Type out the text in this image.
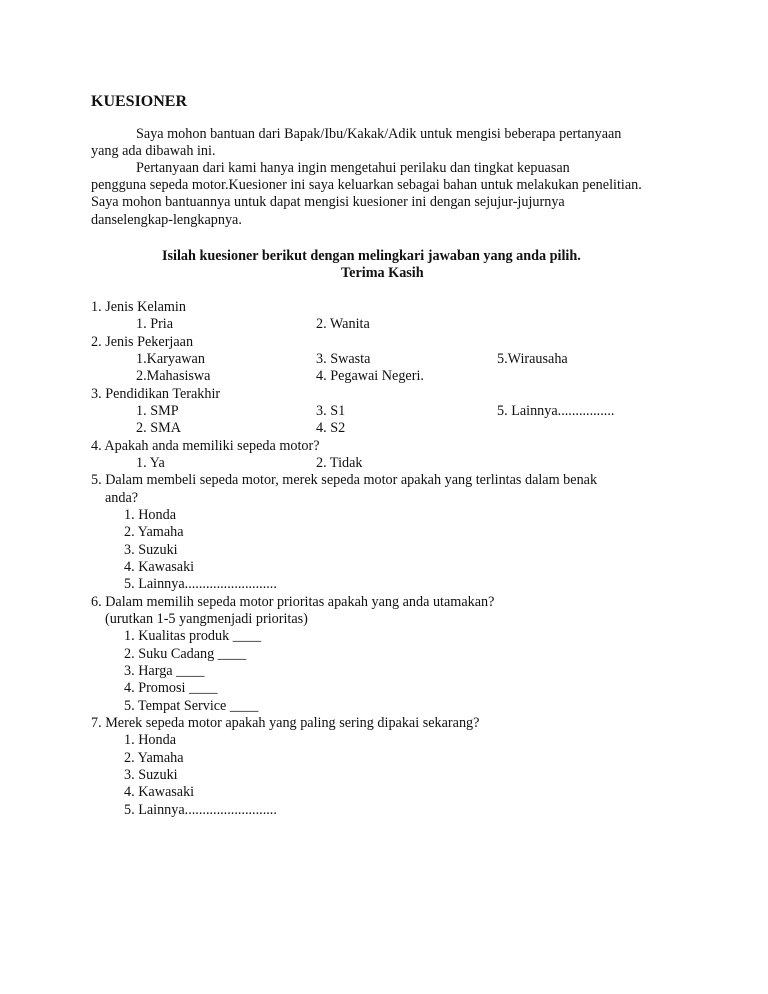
KUESIONER
Saya mohon bantuan dari Bapak/Ibu/Kakak/Adik untuk mengisi beberapa pertanyaan
yang ada dibawah ini.
Pertanyaan dari kami hanya ingin mengetahui perilaku dan tingkat kepuasan
pengguna sepeda motor.Kuesioner ini saya keluarkan sebagai bahan untuk melakukan penelitian.
Saya mohon bantuannya untuk dapat mengisi kuesioner ini dengan sejujur-jujurnya
danselengkap-lengkapnya.
Isilah kuesioner berikut dengan melingkari jawaban yang anda pilih.
Terima Kasih
1. Jenis Kelamin
1. Pria	2. Wanita
2. Jenis Pekerjaan
1.Karyawan	3. Swasta	5.Wirausaha
2.Mahasiswa	4. Pegawai Negeri.
3. Pendidikan Terakhir
1. SMP	3. S1	5. Lainnya................
2. SMA	4. S2
4. Apakah anda memiliki sepeda motor?
1. Ya	2. Tidak
5. Dalam membeli sepeda motor, merek sepeda motor apakah yang terlintas dalam benak
anda?
1. Honda
2. Yamaha
3. Suzuki
4. Kawasaki
5. Lainnya..........................
6. Dalam memilih sepeda motor prioritas apakah yang anda utamakan?
(urutkan 1-5 yangmenjadi prioritas)
1. Kualitas produk ____
2. Suku Cadang ____
3. Harga ____
4. Promosi ____
5. Tempat Service ____
7. Merek sepeda motor apakah yang paling sering dipakai sekarang?
1. Honda
2. Yamaha
3. Suzuki
4. Kawasaki
5. Lainnya..........................
